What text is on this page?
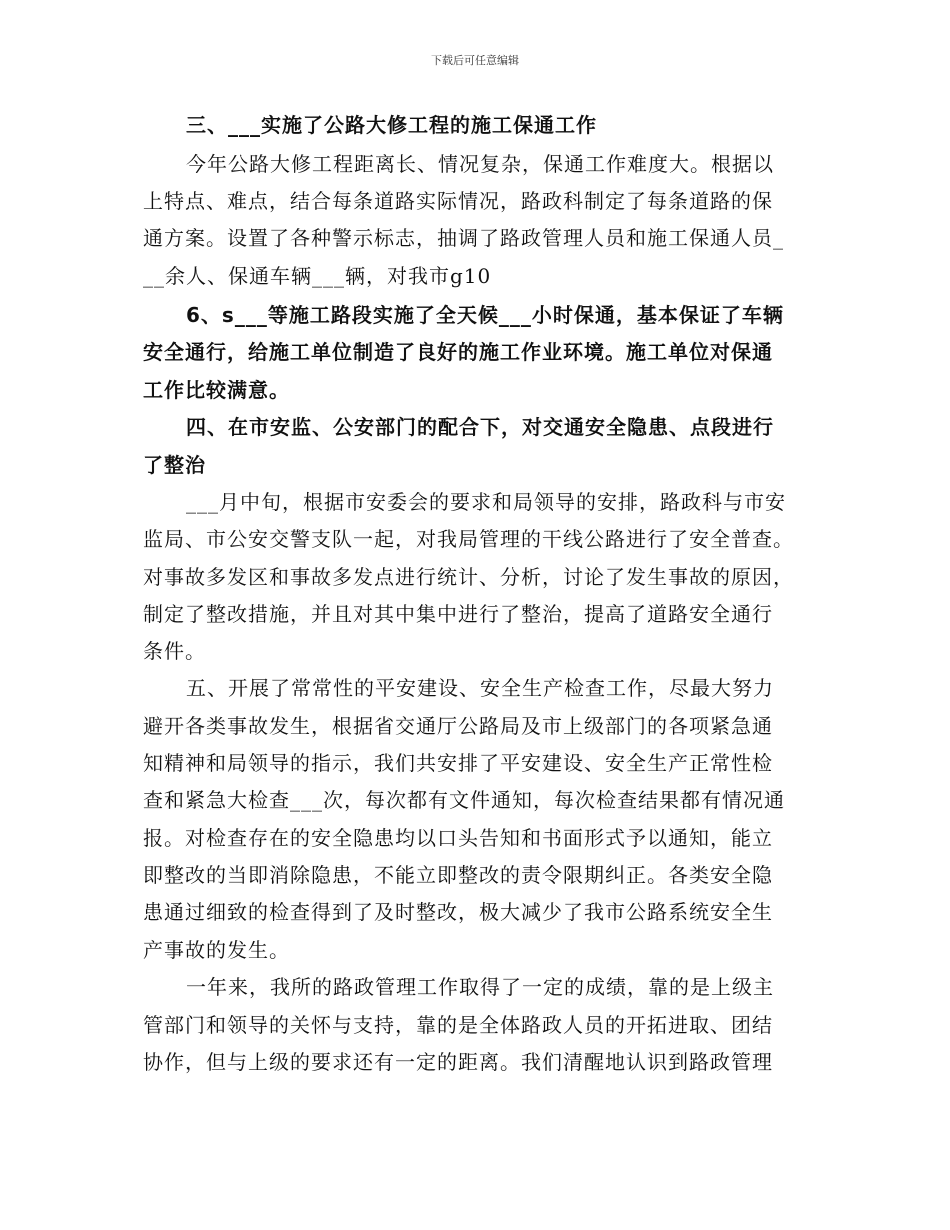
下载后可任意编辑
三、___实施了公路大修工程的施工保通工作
今年公路大修工程距离长、情况复杂，保通工作难度大。根据以
上特点、难点，结合每条道路实际情况，路政科制定了每条道路的保
通方案。设置了各种警示标志，抽调了路政管理人员和施工保通人员_
__余人、保通车辆___辆，对我市g10
6、s___等施工路段实施了全天候___小时保通，基本保证了车辆
安全通行，给施工单位制造了良好的施工作业环境。施工单位对保通
工作比较满意。
四、在市安监、公安部门的配合下，对交通安全隐患、点段进行
了整治
___月中旬，根据市安委会的要求和局领导的安排，路政科与市安
监局、市公安交警支队一起，对我局管理的干线公路进行了安全普查。
对事故多发区和事故多发点进行统计、分析，讨论了发生事故的原因，
制定了整改措施，并且对其中集中进行了整治，提高了道路安全通行
条件。
五、开展了常常性的平安建设、安全生产检查工作，尽最大努力
避开各类事故发生，根据省交通厅公路局及市上级部门的各项紧急通
知精神和局领导的指示，我们共安排了平安建设、安全生产正常性检
查和紧急大检查___次，每次都有文件通知，每次检查结果都有情况通
报。对检查存在的安全隐患均以口头告知和书面形式予以通知，能立
即整改的当即消除隐患，不能立即整改的责令限期纠正。各类安全隐
患通过细致的检查得到了及时整改，极大减少了我市公路系统安全生
产事故的发生。
一年来，我所的路政管理工作取得了一定的成绩，靠的是上级主
管部门和领导的关怀与支持，靠的是全体路政人员的开拓进取、团结
协作，但与上级的要求还有一定的距离。我们清醒地认识到路政管理
